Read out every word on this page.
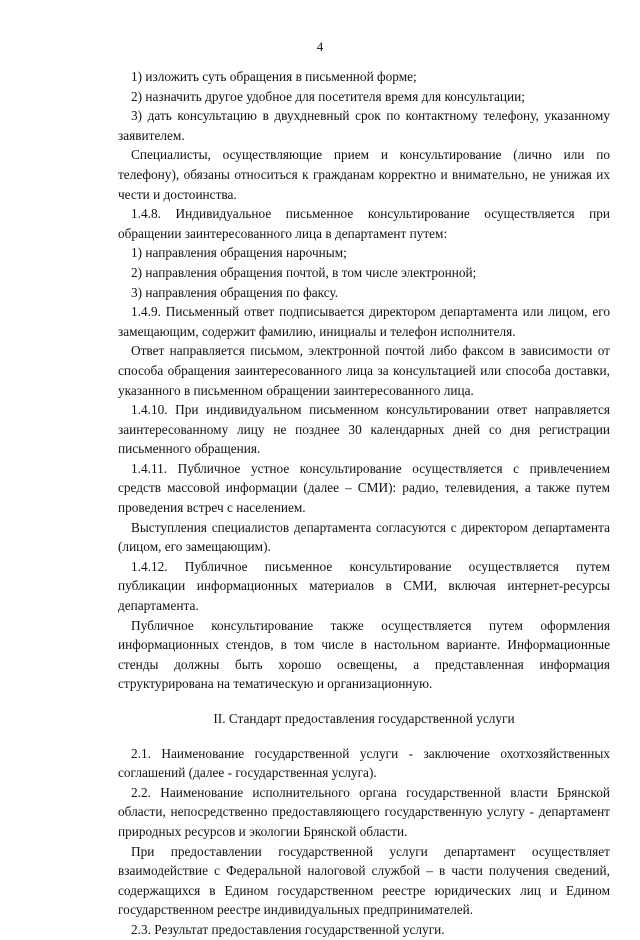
4

1) изложить суть обращения в письменной форме;

2) назначить другое удобное для посетителя время для консультации;

3) дать консультацию в двухдневный срок по контактному телефону, указанному заявителем.

Специалисты, осуществляющие прием и консультирование (лично или по телефону), обязаны относиться к гражданам корректно и внимательно, не унижая их чести и достоинства.

1.4.8. Индивидуальное письменное консультирование осуществляется при обращении заинтересованного лица в департамент путем:

1) направления обращения нарочным;

2) направления обращения почтой, в том числе электронной;

3) направления обращения по факсу.

1.4.9. Письменный ответ подписывается директором департамента или лицом, его замещающим, содержит фамилию, инициалы и телефон исполнителя.

Ответ направляется письмом, электронной почтой либо факсом в зависимости от способа обращения заинтересованного лица за консультацией или способа доставки, указанного в письменном обращении заинтересованного лица.

1.4.10. При индивидуальном письменном консультировании ответ направляется заинтересованному лицу не позднее 30 календарных дней со дня регистрации письменного обращения.

1.4.11. Публичное устное консультирование осуществляется с привлечением средств массовой информации (далее – СМИ): радио, телевидения, а также путем проведения встреч с населением.

Выступления специалистов департамента согласуются с директором департамента (лицом, его замещающим).

1.4.12. Публичное письменное консультирование осуществляется путем публикации информационных материалов в СМИ, включая интернет-ресурсы департамента.

Публичное консультирование также осуществляется путем оформления информационных стендов, в том числе в настольном варианте. Информационные стенды должны быть хорошо освещены, а представленная информация структурирована на тематическую и организационную.

II. Стандарт предоставления государственной услуги

2.1. Наименование государственной услуги - заключение охотхозяйственных соглашений (далее - государственная услуга).

2.2. Наименование исполнительного органа государственной власти Брянской области, непосредственно предоставляющего государственную услугу - департамент природных ресурсов и экологии Брянской области.

При предоставлении государственной услуги департамент осуществляет взаимодействие с Федеральной налоговой службой – в части получения сведений, содержащихся в Едином государственном реестре юридических лиц и Едином государственном реестре индивидуальных предпринимателей.

2.3. Результат предоставления государственной услуги.
